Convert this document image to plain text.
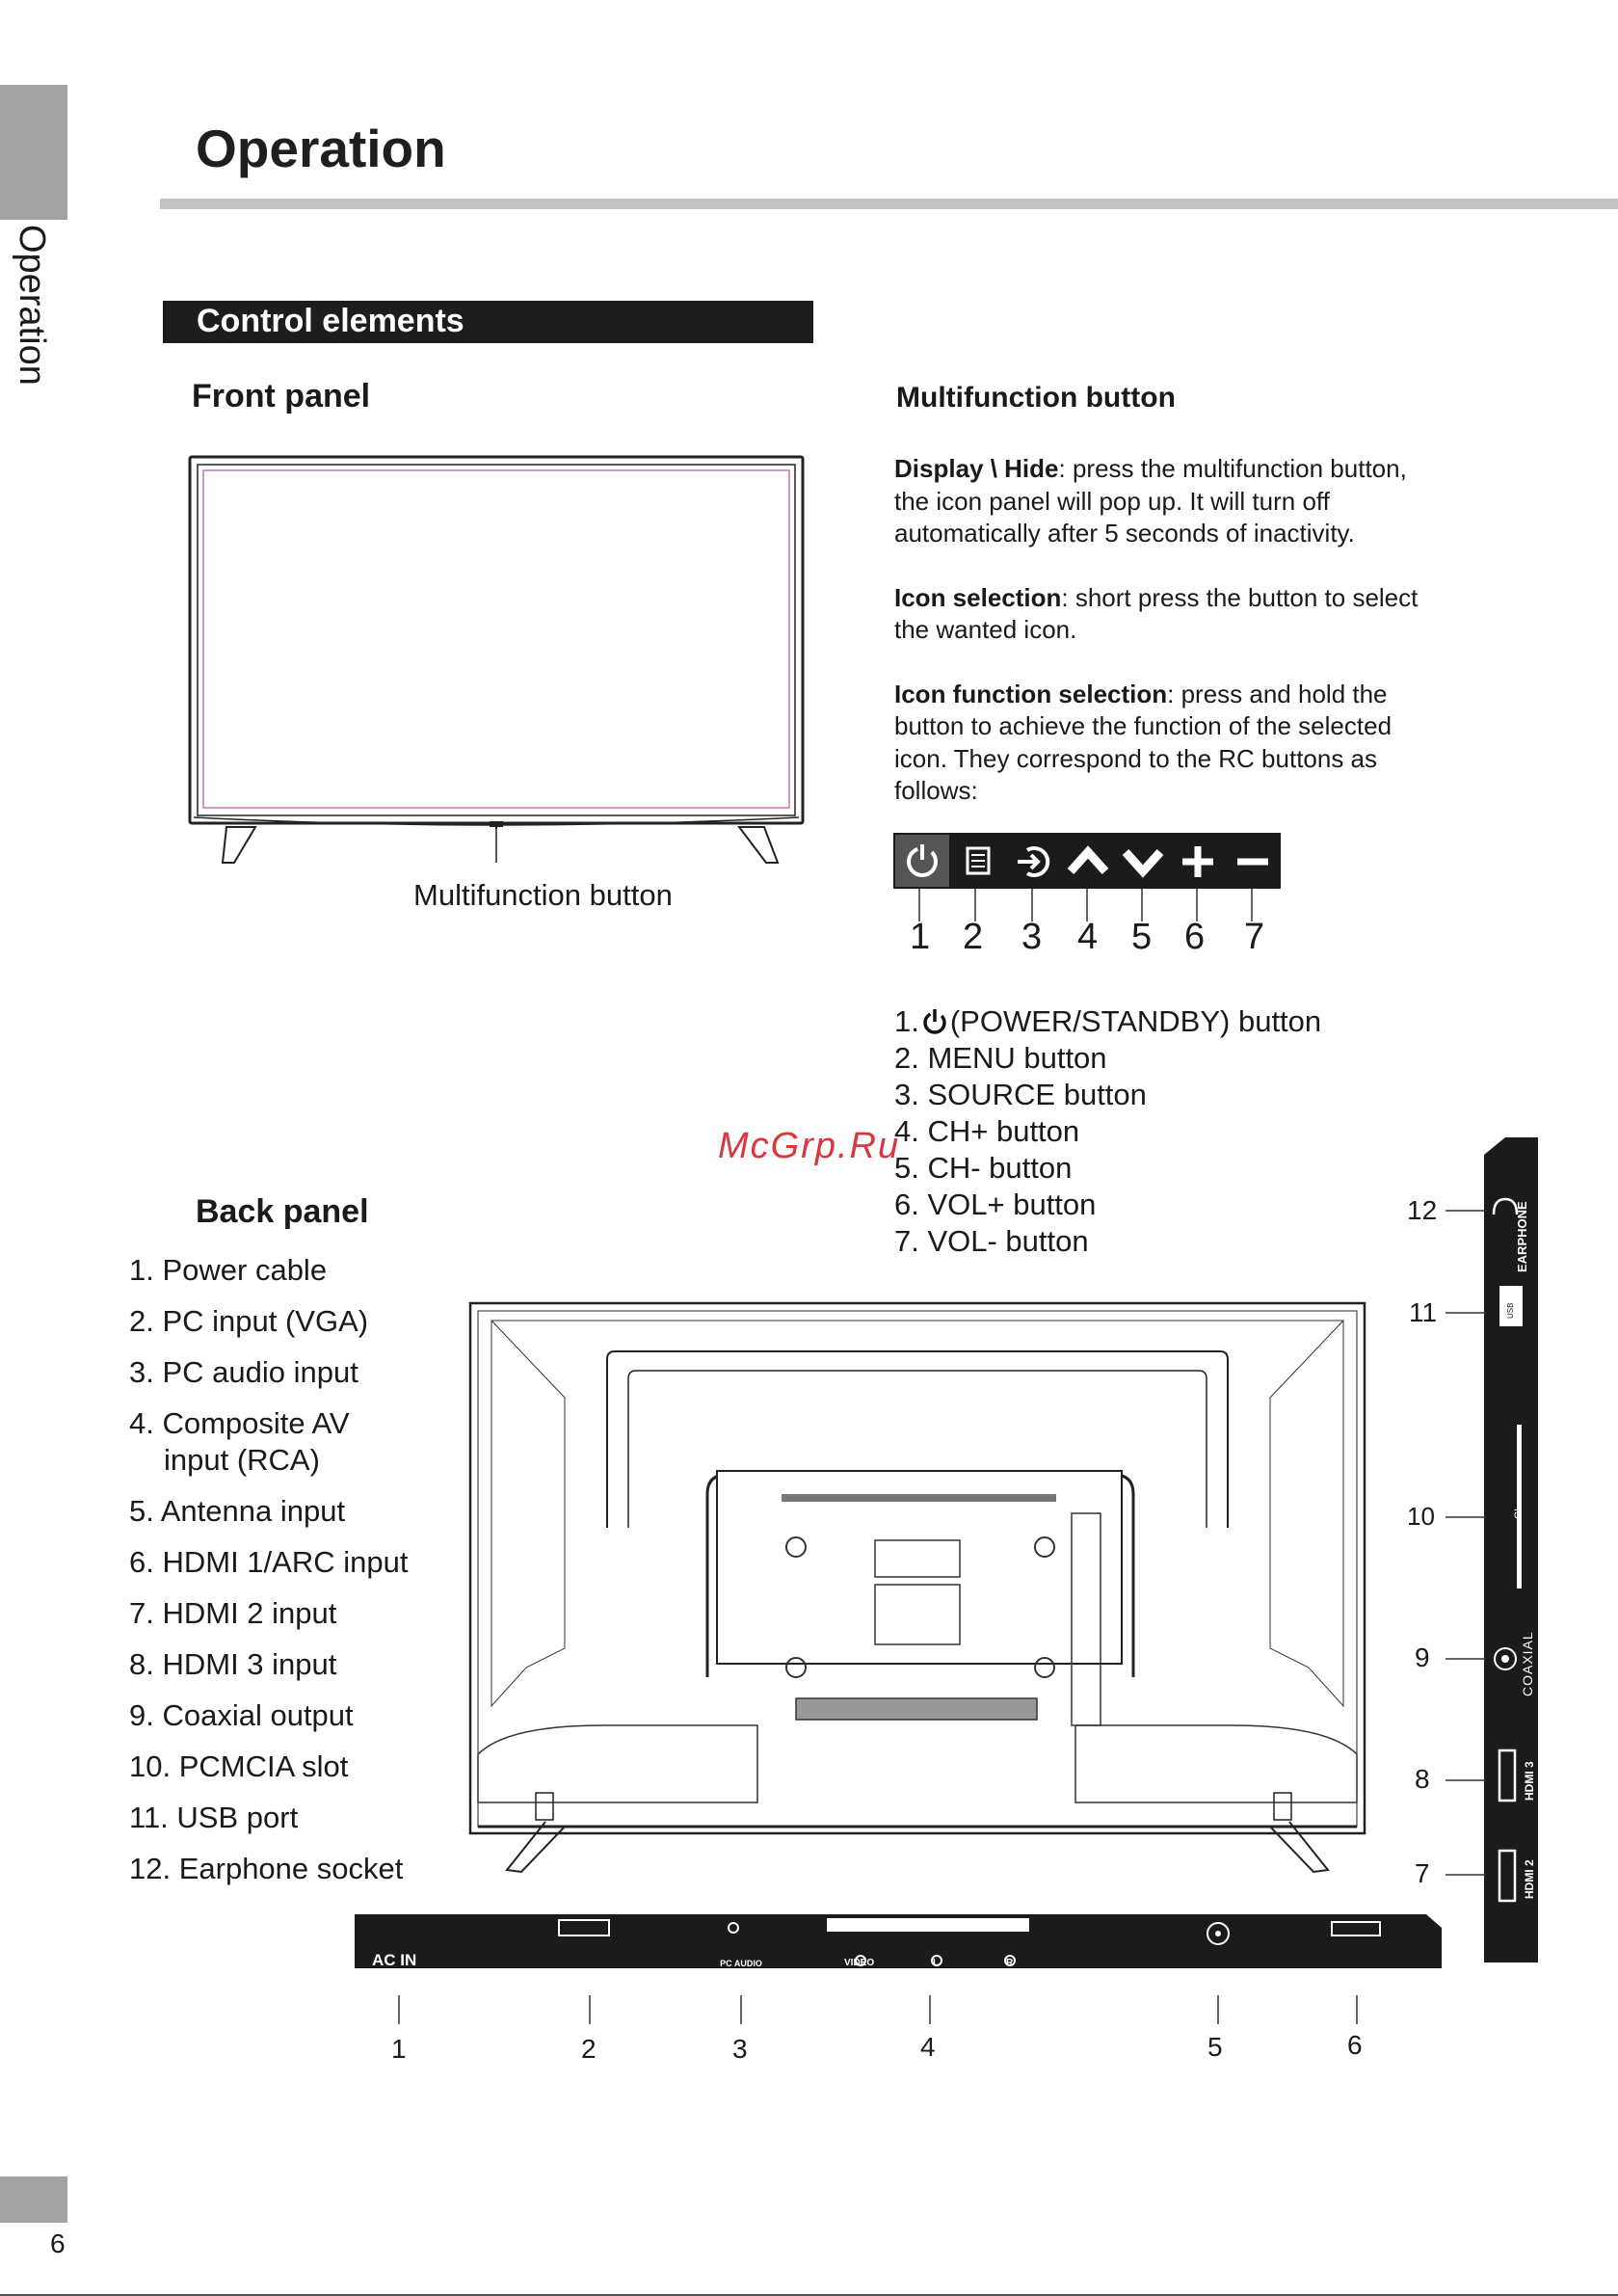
Operation
Operation
Control elements
Front panel
Multifunction button
Multifunction button
Display \ Hide: press the multifunction button,
the icon panel will pop up. It will turn off
automatically after 5 seconds of inactivity.
Icon selection: short press the button to select
the wanted icon.
Icon function selection: press and hold the
button to achieve the function of the selected
icon. They correspond to the RC buttons as
follows:
1 2 3 4 5 6 7
1. (POWER/STANDBY) button
2. MENU button
3. SOURCE button
4. CH+ button
5. CH- button
6. VOL+ button
7. VOL- button
McGrp.Ru
Back panel
1. Power cable
2. PC input (VGA)
3. PC audio input
4. Composite AV
input (RCA)
5. Antenna input
6. HDMI 1/ARC input
7. HDMI 2 input
8. HDMI 3 input
9. Coaxial output
10. PCMCIA slot
11. USB port
12. Earphone socket
AC IN
VGA
PC AUDIO
INPUT
INPUT
VIDEO	L	R
ANT 75Ω	HDMI 1/ARC
1	2	3	4	5	6
EARPHONE
USB
CI
COAXIAL
HDMI 3
HDMI 2
12
11
10
9
8
7
6
